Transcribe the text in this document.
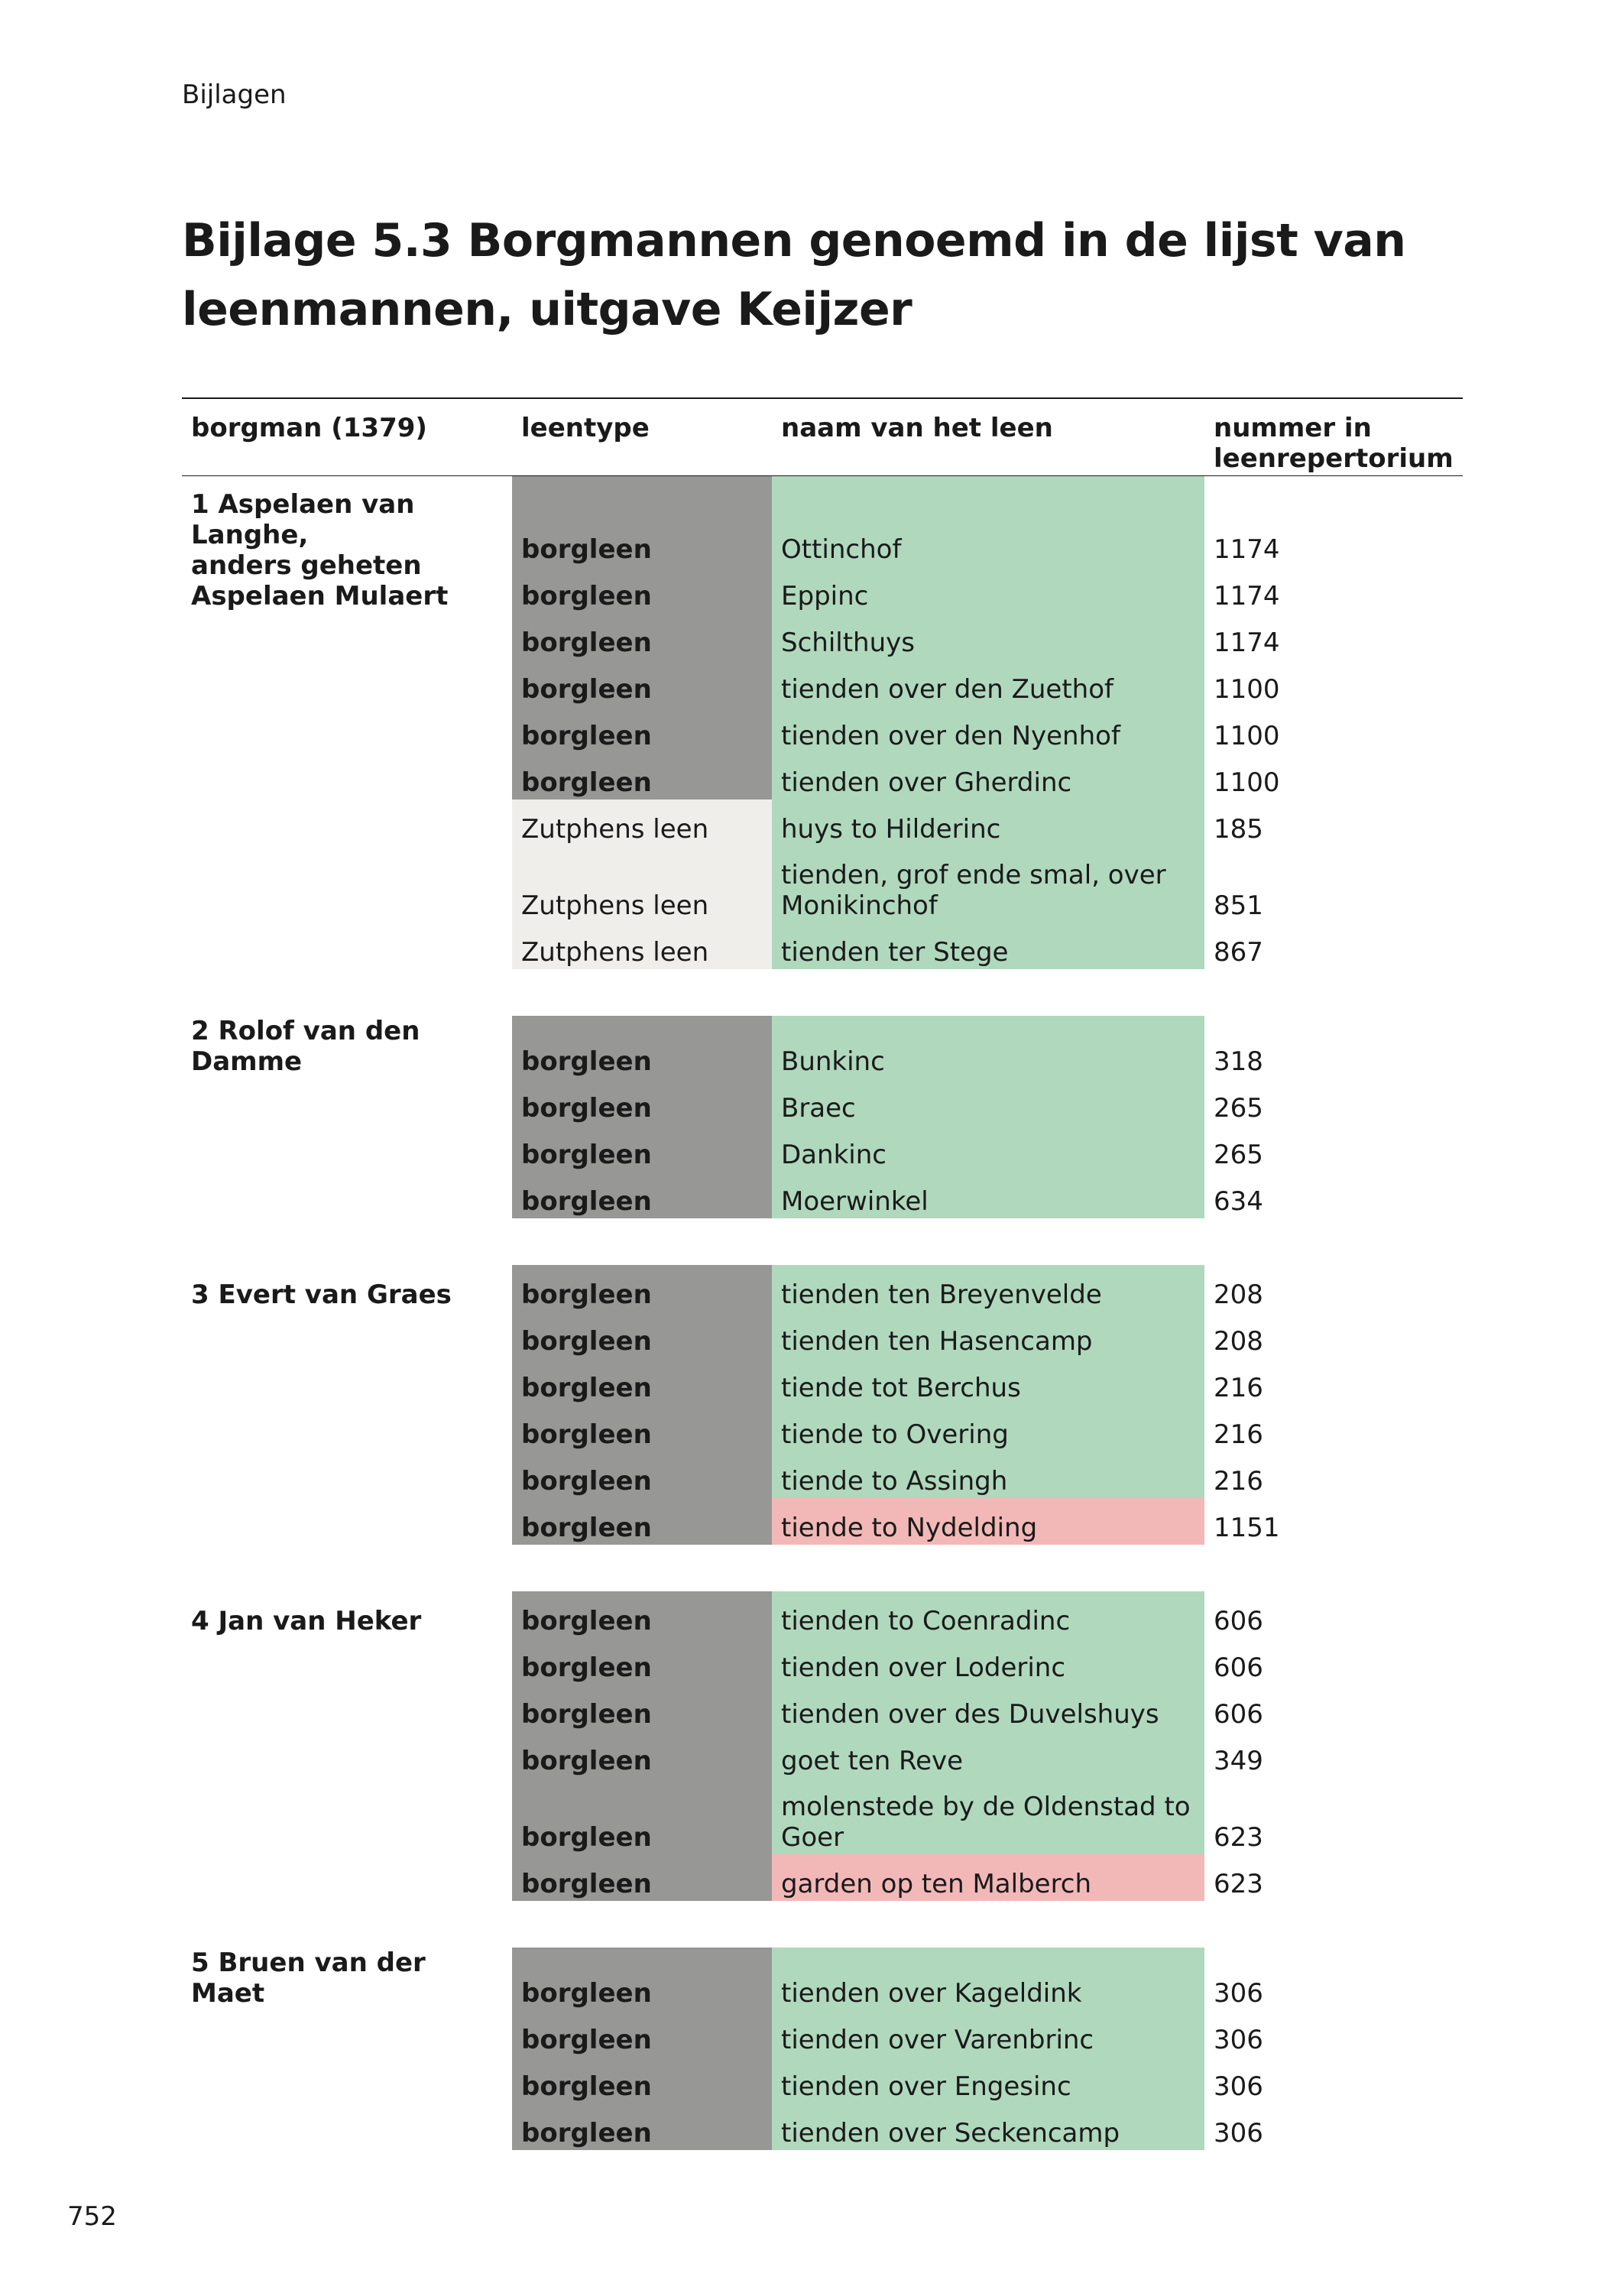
Bijlagen
Bijlage 5.3 Borgmannen genoemd in de lijst van
leenmannen, uitgave Keijzer
borgman (1379)	leentype	naam van het leen	nummer in
leenrepertorium
1 Aspelaen van Langhe,
anders geheten
Aspelaen Mulaert	borgleen	Ottinchof	1174
	borgleen	Eppinc	1174
	borgleen	Schilthuys	1174
	borgleen	tienden over den Zuethof	1100
	borgleen	tienden over den Nyenhof	1100
	borgleen	tienden over Gherdinc	1100
	Zutphens leen	huys to Hilderinc	185
	Zutphens leen	tienden, grof ende smal, over
Monikinchof	851
	Zutphens leen	tienden ter Stege	867

2 Rolof van den Damme	borgleen	Bunkinc	318
	borgleen	Braec	265
	borgleen	Dankinc	265
	borgleen	Moerwinkel	634

3 Evert van Graes	borgleen	tienden ten Breyenvelde	208
	borgleen	tienden ten Hasencamp	208
	borgleen	tiende tot Berchus	216
	borgleen	tiende to Overing	216
	borgleen	tiende to Assingh	216
	borgleen	tiende to Nydelding	1151

4 Jan van Heker	borgleen	tienden to Coenradinc	606
	borgleen	tienden over Loderinc	606
	borgleen	tienden over des Duvelshuys	606
	borgleen	goet ten Reve	349
	borgleen	molenstede by de Oldenstad to
Goer	623
	borgleen	garden op ten Malberch	623

5 Bruen van der Maet	borgleen	tienden over Kageldink	306
	borgleen	tienden over Varenbrinc	306
	borgleen	tienden over Engesinc	306
	borgleen	tienden over Seckencamp	306
752
